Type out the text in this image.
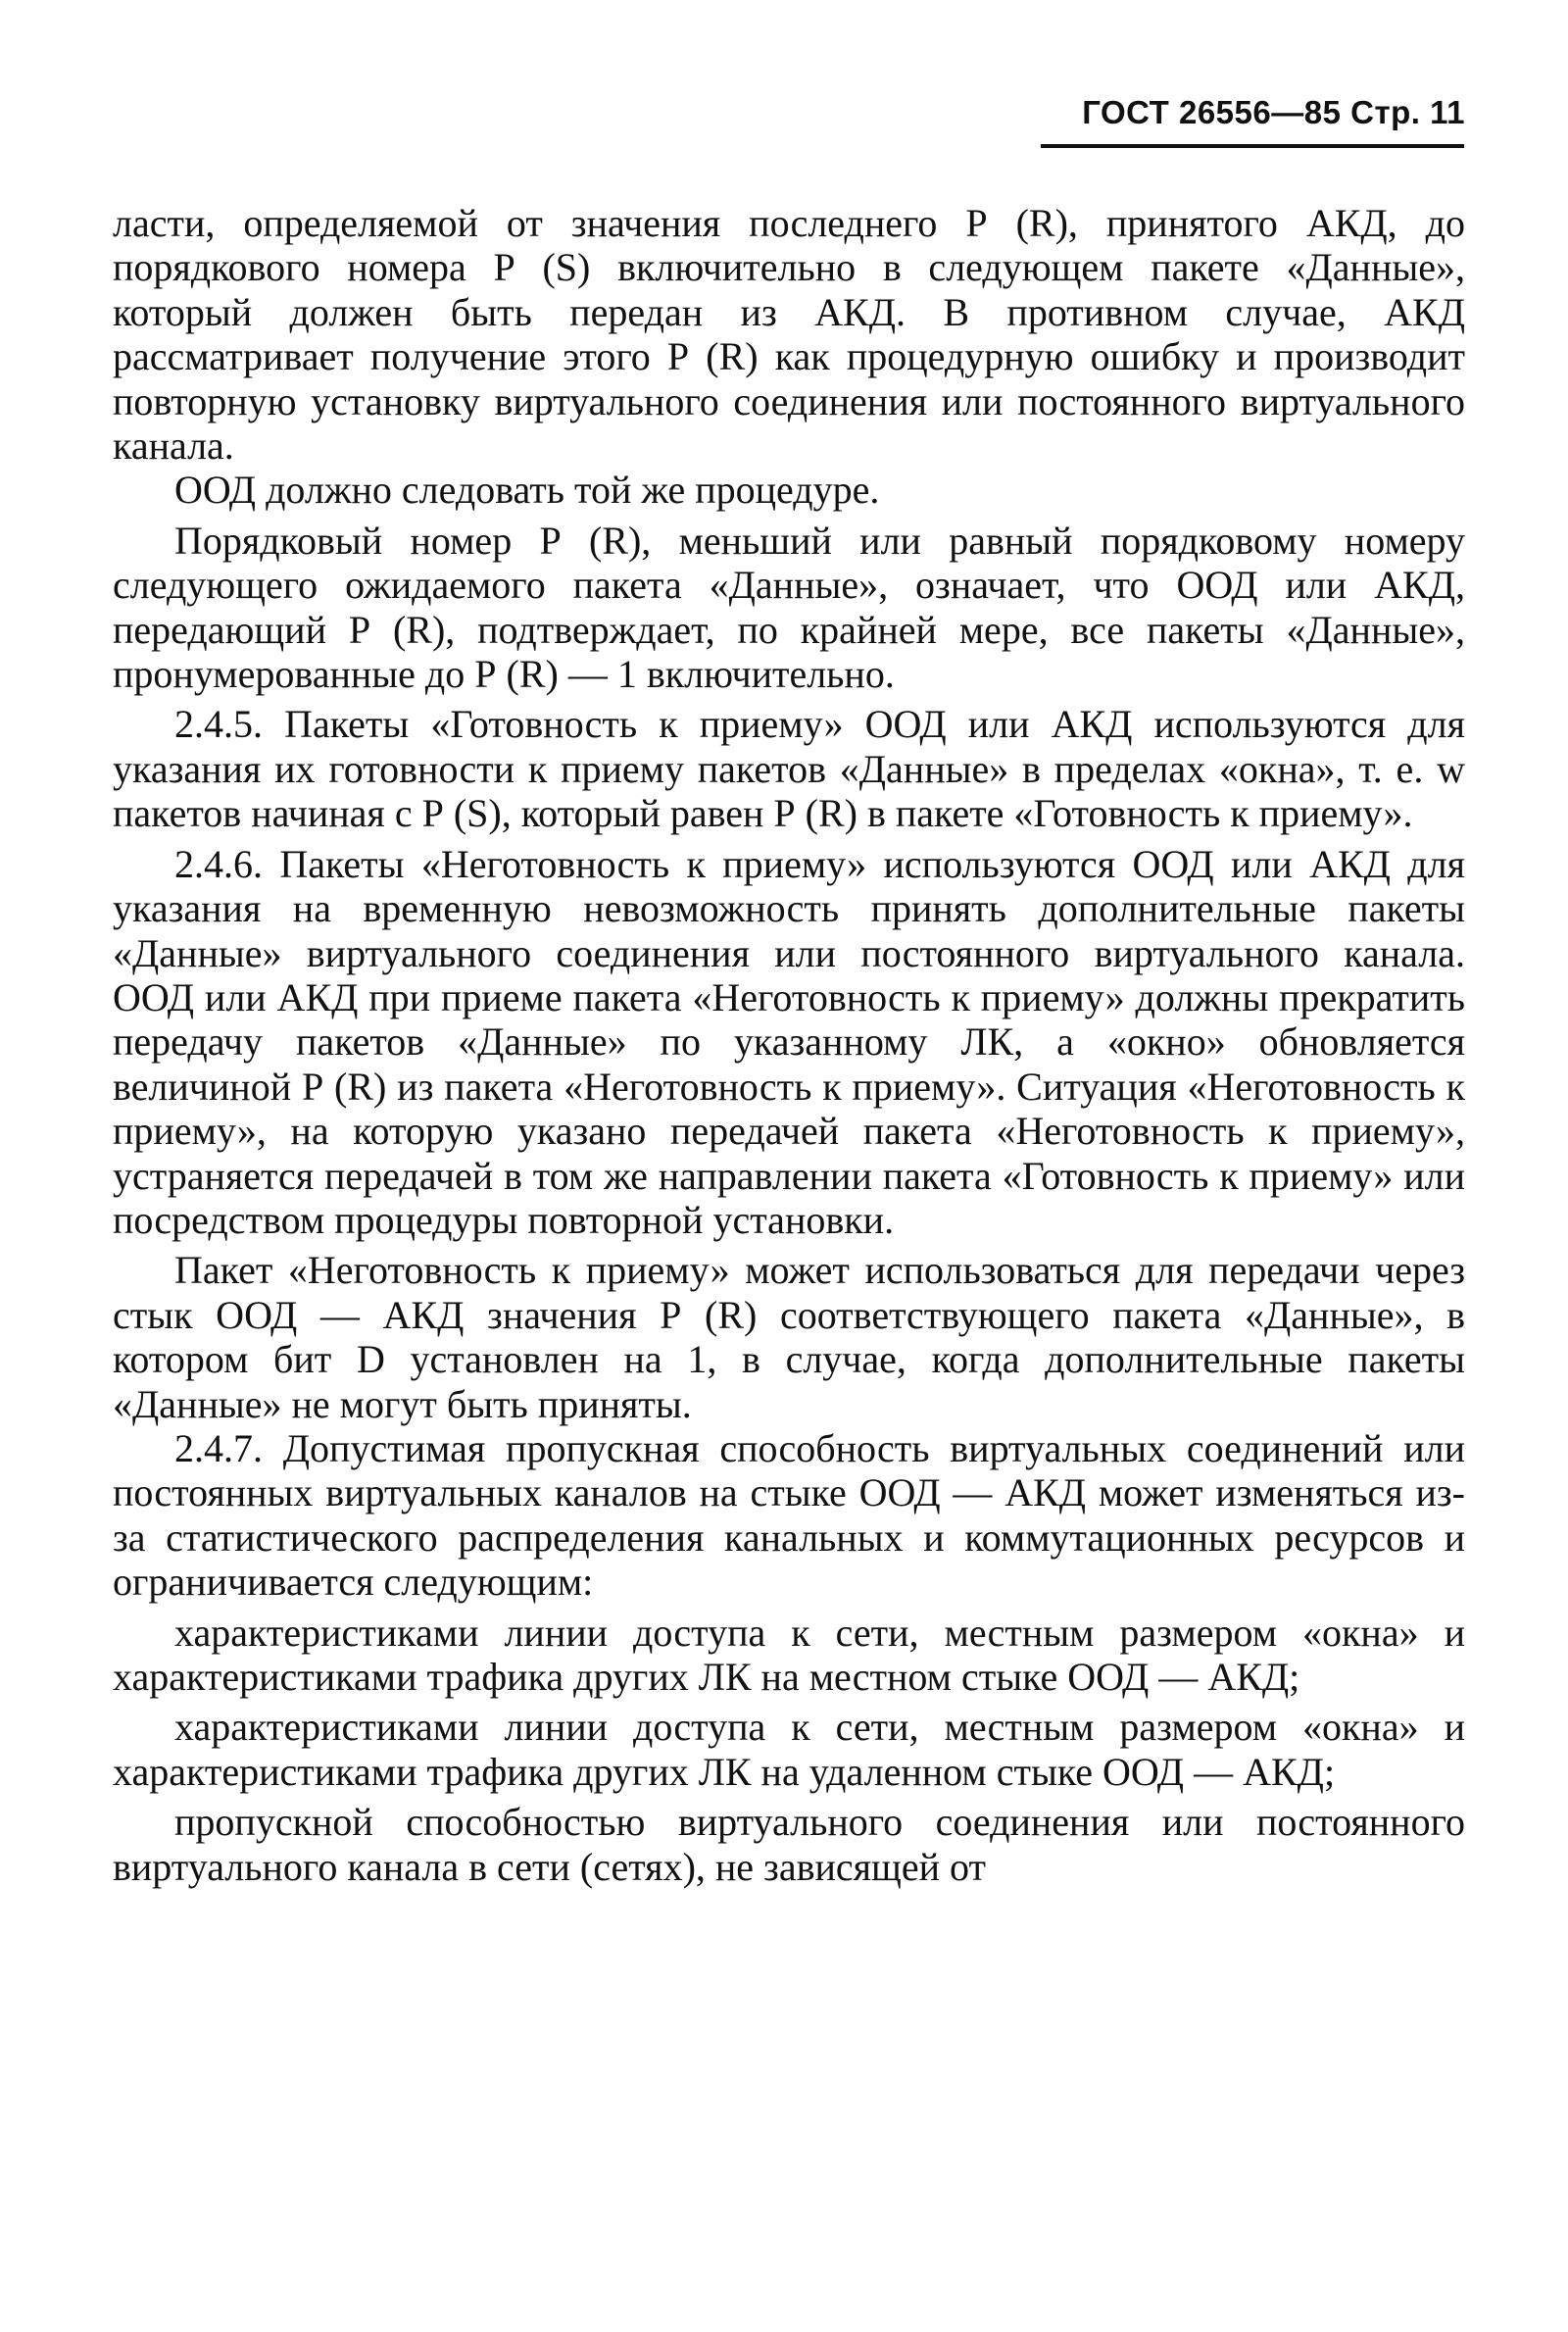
ГОСТ 26556—85 Стр. 11

ласти, определяемой от значения последнего Р (R), принятого АКД, до порядкового номера Р (S) включительно в следующем пакете «Данные», который должен быть передан из АКД. В противном случае, АКД рассматривает получение этого Р (R) как процедурную ошибку и производит повторную установку виртуального соединения или постоянного виртуального канала.

ООД должно следовать той же процедуре.

Порядковый номер Р (R), меньший или равный порядковому номеру следующего ожидаемого пакета «Данные», означает, что ООД или АКД, передающий Р (R), подтверждает, по крайней мере, все пакеты «Данные», пронумерованные до Р (R) — 1 включительно.

2.4.5. Пакеты «Готовность к приему» ООД или АКД используются для указания их готовности к приему пакетов «Данные» в пределах «окна», т. е. w пакетов начиная с Р (S), который равен Р (R) в пакете «Готовность к приему».

2.4.6. Пакеты «Неготовность к приему» используются ООД или АКД для указания на временную невозможность принять дополнительные пакеты «Данные» виртуального соединения или постоянного виртуального канала. ООД или АКД при приеме пакета «Неготовность к приему» должны прекратить передачу пакетов «Данные» по указанному ЛК, а «окно» обновляется величиной Р (R) из пакета «Неготовность к приему». Ситуация «Неготовность к приему», на которую указано передачей пакета «Неготовность к приему», устраняется передачей в том же направлении пакета «Готовность к приему» или посредством процедуры повторной установки.

Пакет «Неготовность к приему» может использоваться для передачи через стык ООД — АКД значения Р (R) соответствующего пакета «Данные», в котором бит D установлен на 1, в случае, когда дополнительные пакеты «Данные» не могут быть приняты.

2.4.7. Допустимая пропускная способность виртуальных соединений или постоянных виртуальных каналов на стыке ООД — АКД может изменяться из-за статистического распределения канальных и коммутационных ресурсов и ограничивается следующим:

характеристиками линии доступа к сети, местным размером «окна» и характеристиками трафика других ЛК на местном стыке ООД — АКД;

характеристиками линии доступа к сети, местным размером «окна» и характеристиками трафика других ЛК на удаленном стыке ООД — АКД;

пропускной способностью виртуального соединения или постоянного виртуального канала в сети (сетях), не зависящей от
